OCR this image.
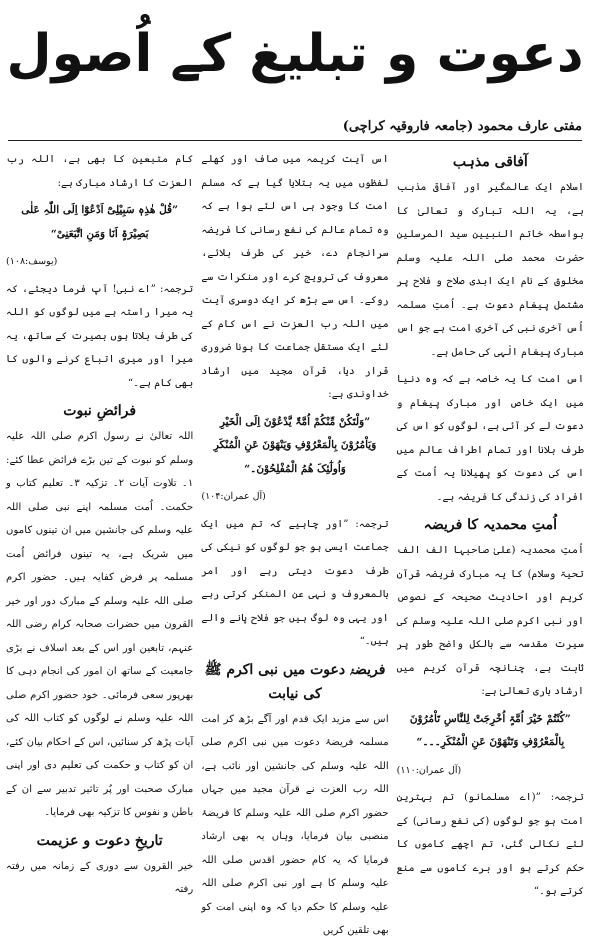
دعوت و تبلیغ کے اُصول
مفتی عارف محمود (جامعہ فاروقیہ کراچی)
آفاقی مذہب

اسلام ایک عالمگیر اور آفاقی مذہب ہے، یہ اللہ تبارک و تعالیٰ کا بواسطہ خاتم النبیین سید المرسلین حضرت محمد صلی اللہ علیہ وسلم مخلوق کے نام ایک ابدی صلاح و فلاح پر مشتمل پیغام دعوت ہے۔ اُمتِ مسلمہ اُس آخری نبی کی آخری امت ہے جو اس مبارک پیغام الٰہی کی حامل ہے۔

اس امت کا یہ خاصہ ہے کہ وہ دنیا میں ایک خاص اور مبارک پیغام و دعوت لے کر آئی ہے، لوگوں کو اس کی طرف بلانا اور تمام اطراف عالم میں اس کی دعوت کو پھیلانا یہ اُمت کے افراد کی زندگی کا فریضہ ہے۔

اُمتِ محمدیہ کا فریضہ

اُمتِ محمدیہ (علیٰ صاحبہا الف الف تحیۃ وسلام) کا یہ مبارک فریضہ قرآن کریم اور احادیث صحیحہ کے نصوص اور نبی اکرم صلی اللہ علیہ وسلم کی سیرت مقدسہ سے بالکل واضح طور پر ثابت ہے، چنانچہ قرآن کریم میں ارشاد باری تعالیٰ ہے:

”کُنْتُمْ خَیْرَ اُمَّۃٍ اُخْرِجَتْ لِلنَّاسِ تَاْمُرُوْنَ بِالْمَعْرُوْفِ وَتَنْھَوْنَ عَنِ الْمُنْکَرِ۔۔۔“

(آل عمران:۱۱۰)

ترجمہ: ”(اے مسلمانو) تم بہترین امت ہو جو لوگوں (کی نفع رسانی) کے لئے نکالی گئی، تم اچھے کاموں کا حکم کرتے ہو اور برے کاموں سے منع کرتے ہو۔“

اس آیت کریمہ میں صاف اور کھلے لفظوں میں یہ بتلایا گیا ہے کہ مسلم امت کا وجود ہی اس لئے ہوا ہے کہ وہ تمام عالم کی نفع رسانی کا فریضہ سرانجام دے، خیر کی طرف بلائے، معروف کی ترویج کرے اور منکرات سے روکے۔ اس سے بڑھ کر ایک دوسری آیت میں اللہ رب العزت نے اس کام کے لئے ایک مستقل جماعت کا ہونا ضروری قرار دیا، قرآن مجید میں ارشاد خداوندی ہے:

”وَلْتَکُنْ مِّنْکُمْ اُمَّۃٌ یَّدْعُوْنَ اِلَی الْخَیْرِ وَیَاْمُرُوْنَ بِالْمَعْرُوْفِ وَیَنْھَوْنَ عَنِ الْمُنْکَرِ وَاُولٰٓئِکَ ھُمُ الْمُفْلِحُوْنَ۔“

(آل عمران:۱۰۴)

ترجمہ: ”اور چاہیے کہ تم میں ایک جماعت ایسی ہو جو لوگوں کو نیکی کی طرف دعوت دیتی رہے اور امر بالمعروف و نہی عن المنکر کرتی رہے اور یہی وہ لوگ ہیں جو فلاح پانے والے ہیں۔“

فریضۂ دعوت میں نبی اکرم ﷺ کی نیابت

اس سے مزید ایک قدم اور آگے بڑھ کر امت مسلمہ فریضۂ دعوت میں نبی اکرم صلی اللہ علیہ وسلم کی جانشین اور نائب ہے، اللہ رب العزت نے قرآن مجید میں جہاں حضور اکرم صلی اللہ علیہ وسلم کا فریضۂ منصبی بیان فرمایا، وہاں یہ بھی ارشاد فرمایا کہ یہ کام حضور اقدس صلی اللہ علیہ وسلم کا ہے اور نبی اکرم صلی اللہ علیہ وسلم کا حکم دیا کہ وہ اپنی امت کو بھی تلقین کریں

کام متبعین کا بھی ہے، اللہ رب العزت کا ارشاد مبارک ہے:

”قُلْ ھٰذِہٖ سَبِیْلِیْٓ اَدْعُوْٓا اِلَی اللّٰہِ عَلٰی بَصِیْرَۃٍ اَنَا وَمَنِ اتَّبَعَنِیْ“

(یوسف:۱۰۸)

ترجمہ: ”اے نبی! آپ فرما دیجئے، کہ یہ میرا راستہ ہے میں لوگوں کو اللہ کی طرف بلاتا ہوں بصیرت کے ساتھ، یہ میرا اور میری اتباع کرنے والوں کا بھی کام ہے۔“

فرائضِ نبوت

اللہ تعالیٰ نے رسول اکرم صلی اللہ علیہ وسلم کو نبوت کے تین بڑے فرائض عطا کئے: ۱۔ تلاوت آیات ۲۔ تزکیہ ۳۔ تعلیم کتاب و حکمت۔ اُمت مسلمہ اپنے نبی صلی اللہ علیہ وسلم کی جانشین میں ان تینوں کاموں میں شریک ہے، یہ تینوں فرائض اُمت مسلمہ پر فرض کفایہ ہیں۔ حضور اکرم صلی اللہ علیہ وسلم کے مبارک دور اور خیر القرون میں حضرات صحابہ کرام رضی اللہ عنہم، تابعین اور اس کے بعد اسلاف نے بڑی جامعیت کے ساتھ ان امور کی انجام دہی کا بھرپور سعی فرمائی۔ خود حضور اکرم صلی اللہ علیہ وسلم نے لوگوں کو کتاب اللہ کی آیات پڑھ کر سنائیں، اس کے احکام بیان کئے، ان کو کتاب و حکمت کی تعلیم دی اور اپنی مبارک صحبت اور پُر تاثیر تدبیر سے ان کے باطن و نفوس کا تزکیہ بھی فرمایا۔

تاریخِ دعوت و عزیمت

خیر القرون سے دوری کے زمانہ میں رفتہ رفتہ
